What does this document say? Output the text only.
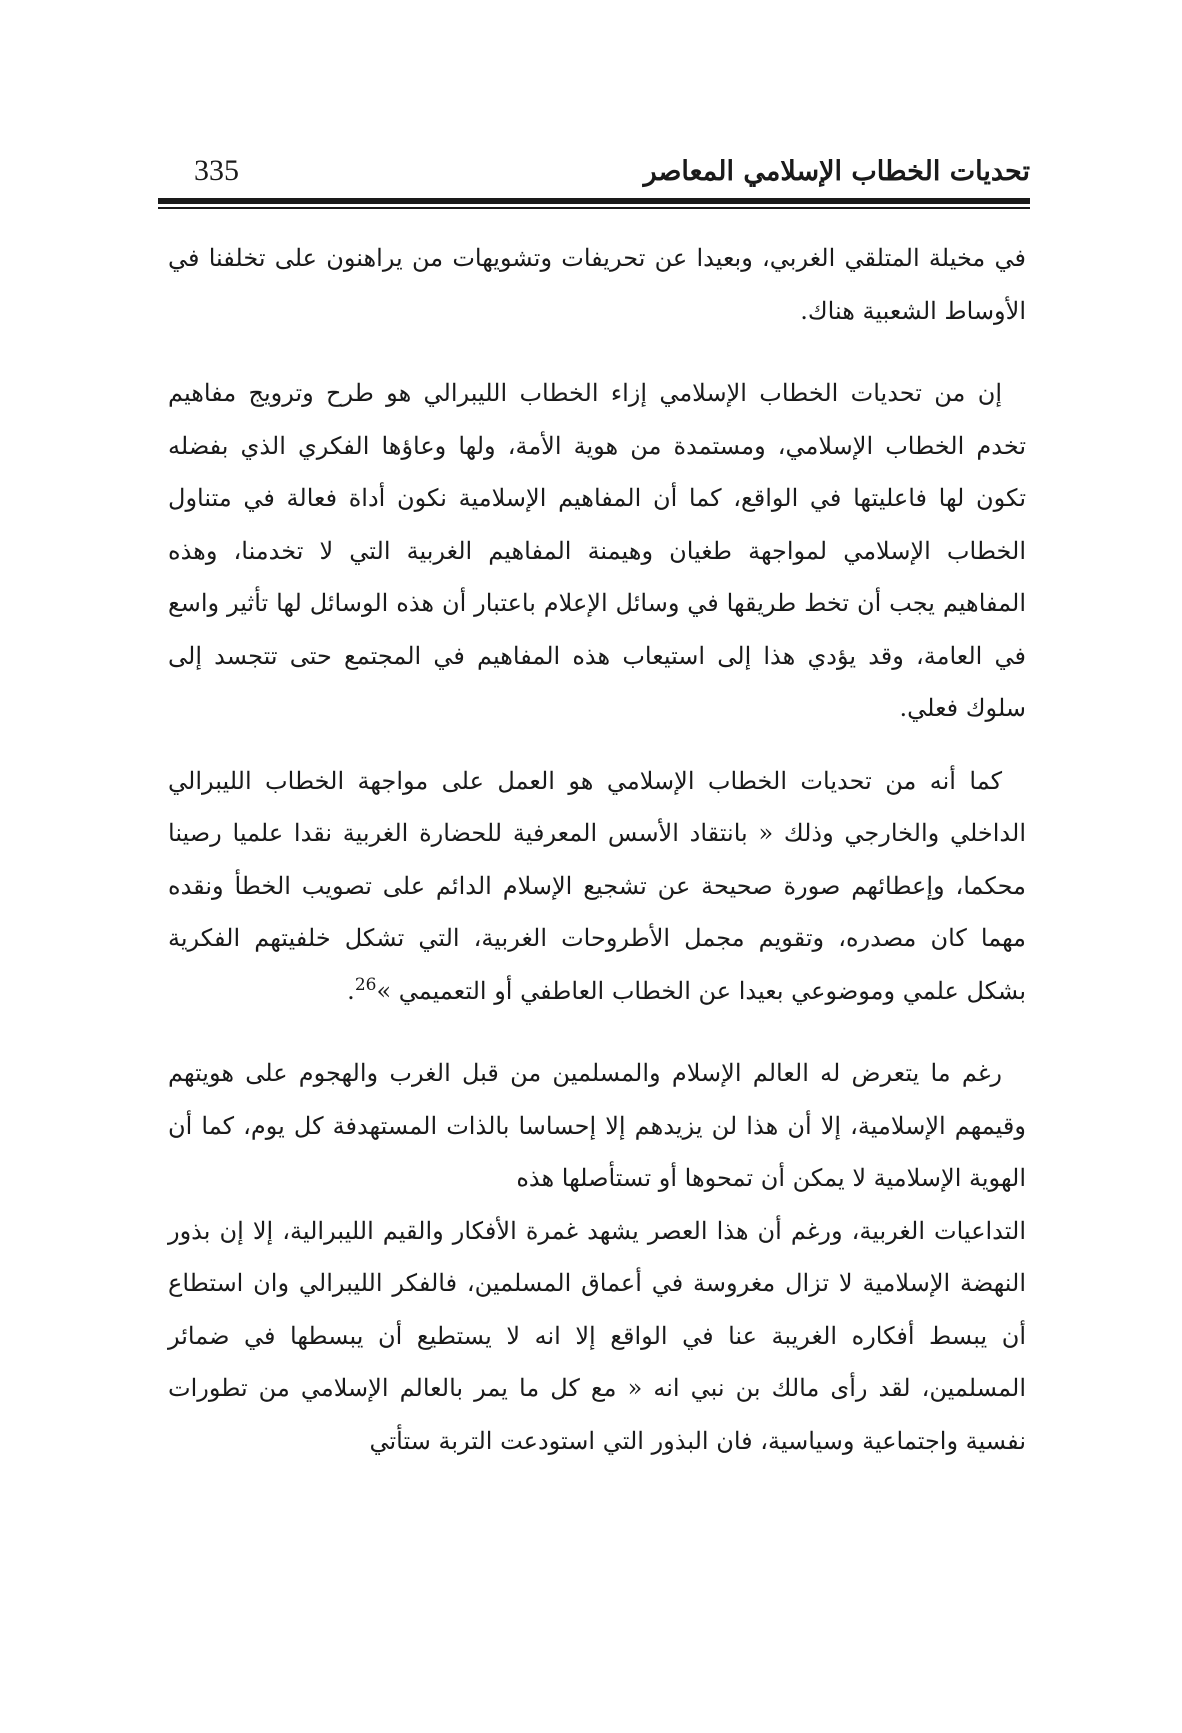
تحديات الخطاب الإسلامي المعاصر
335

في مخيلة المتلقي الغربي، وبعيدا عن تحريفات وتشويهات من يراهنون على تخلفنا في الأوساط الشعبية هناك.

إن من تحديات الخطاب الإسلامي إزاء الخطاب الليبرالي هو طرح وترويج مفاهيم تخدم الخطاب الإسلامي، ومستمدة من هوية الأمة، ولها وعاؤها الفكري الذي بفضله تكون لها فاعليتها في الواقع، كما أن المفاهيم الإسلامية نكون أداة فعالة في متناول الخطاب الإسلامي لمواجهة طغيان وهيمنة المفاهيم الغربية التي لا تخدمنا، وهذه المفاهيم يجب أن تخط طريقها في وسائل الإعلام باعتبار أن هذه الوسائل لها تأثير واسع في العامة، وقد يؤدي هذا إلى استيعاب هذه المفاهيم في المجتمع حتى تتجسد إلى سلوك فعلي.

كما أنه من تحديات الخطاب الإسلامي هو العمل على مواجهة الخطاب الليبرالي الداخلي والخارجي وذلك « بانتقاد الأسس المعرفية للحضارة الغربية نقدا علميا رصينا محكما، وإعطائهم صورة صحيحة عن تشجيع الإسلام الدائم على تصويب الخطأ ونقده مهما كان مصدره، وتقويم مجمل الأطروحات الغربية، التي تشكل خلفيتهم الفكرية بشكل علمي وموضوعي بعيدا عن الخطاب العاطفي أو التعميمي »$^{26}$.

رغم ما يتعرض له العالم الإسلام والمسلمين من قبل الغرب والهجوم على هويتهم وقيمهم الإسلامية، إلا أن هذا لن يزيدهم إلا إحساسا بالذات المستهدفة كل يوم، كما أن الهوية الإسلامية لا يمكن أن تمحوها أو تستأصلها هذه

التداعيات الغربية، ورغم أن هذا العصر يشهد غمرة الأفكار والقيم الليبرالية، إلا إن بذور النهضة الإسلامية لا تزال مغروسة في أعماق المسلمين، فالفكر الليبرالي وان استطاع أن يبسط أفكاره الغريبة عنا في الواقع إلا انه لا يستطيع أن يبسطها في ضمائر المسلمين، لقد رأى مالك بن نبي انه « مع كل ما يمر بالعالم الإسلامي من تطورات نفسية واجتماعية وسياسية، فان البذور التي استودعت التربة ستأتي
